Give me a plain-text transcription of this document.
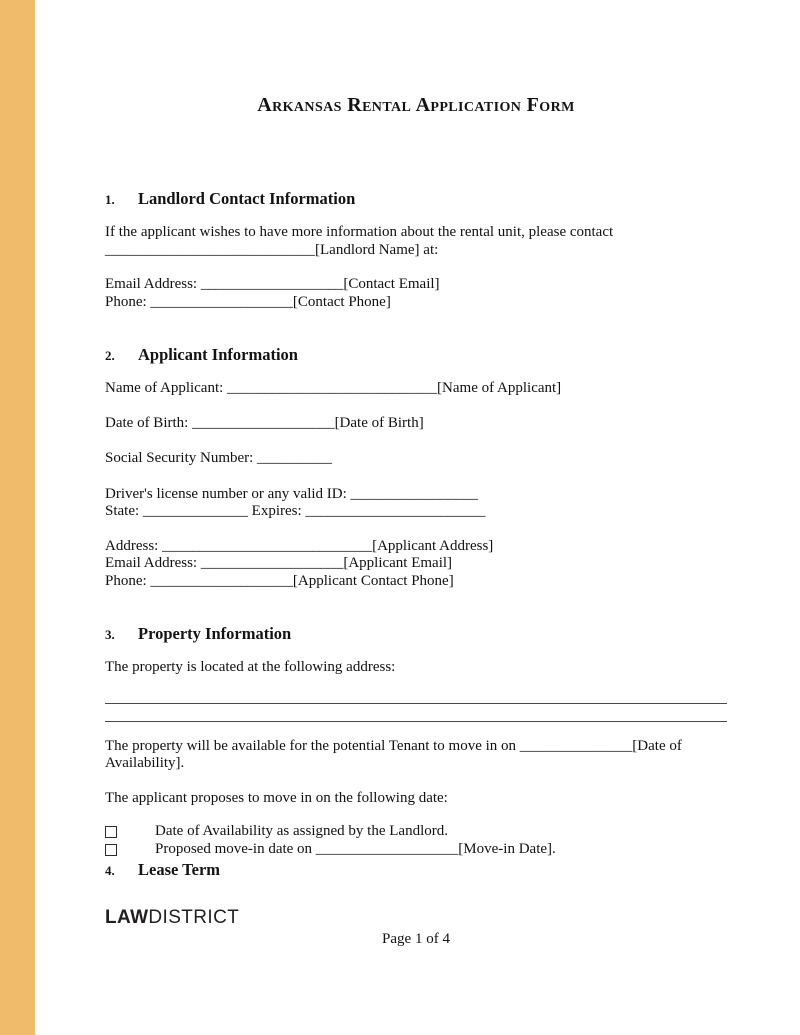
Arkansas Rental Application Form
1.	Landlord Contact Information
If the applicant wishes to have more information about the rental unit, please contact
____________________________[Landlord Name] at:
Email Address: ___________________[Contact Email]
Phone: ___________________[Contact Phone]
2.	Applicant Information
Name of Applicant: ____________________________[Name of Applicant]
Date of Birth: ___________________[Date of Birth]
Social Security Number: __________
Driver's license number or any valid ID: _________________
State: ______________ Expires: ________________________
Address: ____________________________[Applicant Address]
Email Address: ___________________[Applicant Email]
Phone: ___________________[Applicant Contact Phone]
3.	Property Information
The property is located at the following address:
The property will be available for the potential Tenant to move in on _______________[Date of
Availability].
The applicant proposes to move in on the following date:
Date of Availability as assigned by the Landlord.
Proposed move-in date on ___________________[Move-in Date].
4.	Lease Term
LAWDISTRICT
Page 1 of 4
